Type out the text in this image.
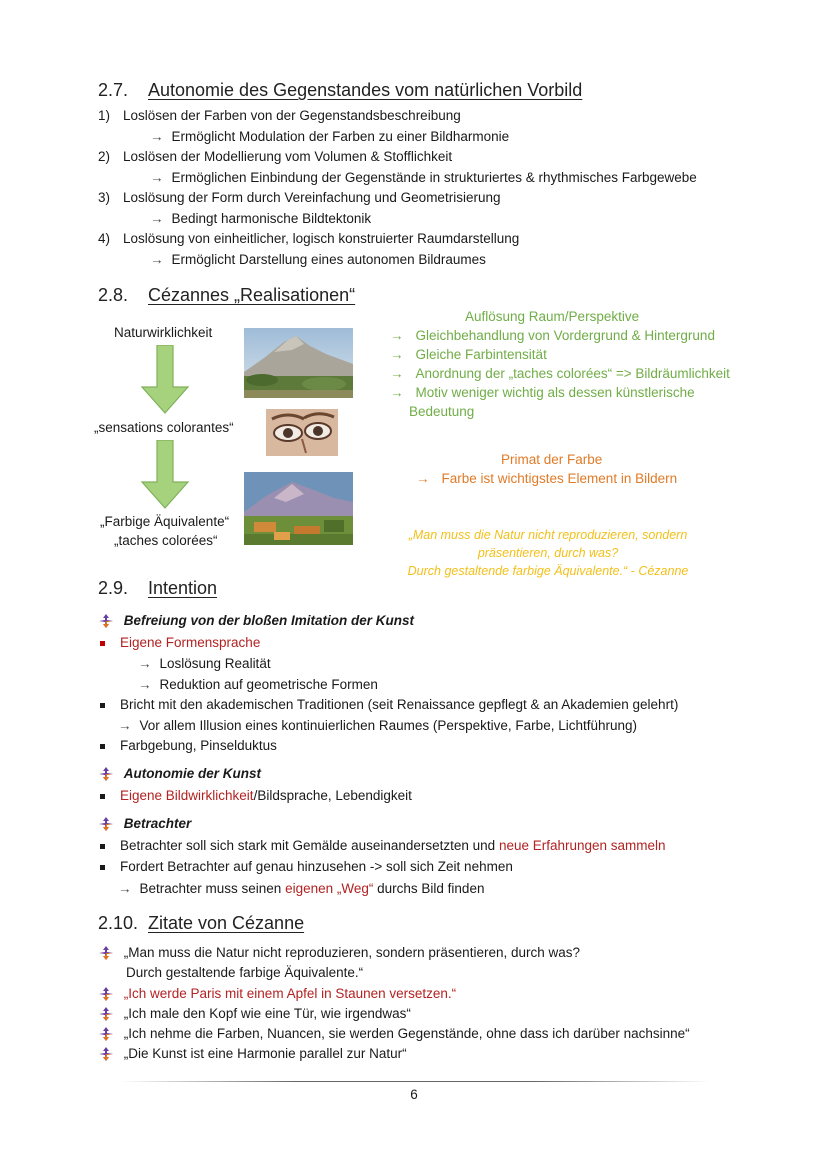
2.7. Autonomie des Gegenstandes vom natürlichen Vorbild
1) Loslösen der Farben von der Gegenstandsbeschreibung
→ Ermöglicht Modulation der Farben zu einer Bildharmonie
2) Loslösen der Modellierung vom Volumen & Stofflichkeit
→ Ermöglichen Einbindung der Gegenstände in strukturiertes & rhythmisches Farbgewebe
3) Loslösung der Form durch Vereinfachung und Geometrisierung
→ Bedingt harmonische Bildtektonik
4) Loslösung von einheitlicher, logisch konstruierter Raumdarstellung
→ Ermöglicht Darstellung eines autonomen Bildraumes
2.8. Cézannes „Realisationen“
Naturwirklichkeit
„sensations colorantes“
„Farbige Äquivalente“
„taches colorées“
Auflösung Raum/Perspektive
→ Gleichbehandlung von Vordergrund & Hintergrund
→ Gleiche Farbintensität
→ Anordnung der „taches colorées“ => Bildräumlichkeit
→ Motiv weniger wichtig als dessen künstlerische
Bedeutung
Primat der Farbe
→ Farbe ist wichtigstes Element in Bildern
„Man muss die Natur nicht reproduzieren, sondern
präsentieren, durch was?
Durch gestaltende farbige Äquivalente.“ - Cézanne
2.9. Intention
Befreiung von der bloßen Imitation der Kunst
Eigene Formensprache
→ Loslösung Realität
→ Reduktion auf geometrische Formen
Bricht mit den akademischen Traditionen (seit Renaissance gepflegt & an Akademien gelehrt)
→ Vor allem Illusion eines kontinuierlichen Raumes (Perspektive, Farbe, Lichtführung)
Farbgebung, Pinselduktus
Autonomie der Kunst
Eigene Bildwirklichkeit/Bildsprache, Lebendigkeit
Betrachter
Betrachter soll sich stark mit Gemälde auseinandersetzten und neue Erfahrungen sammeln
Fordert Betrachter auf genau hinzusehen -> soll sich Zeit nehmen
→ Betrachter muss seinen eigenen „Weg“ durchs Bild finden
2.10. Zitate von Cézanne
„Man muss die Natur nicht reproduzieren, sondern präsentieren, durch was?
Durch gestaltende farbige Äquivalente.“
„Ich werde Paris mit einem Apfel in Staunen versetzen.“
„Ich male den Kopf wie eine Tür, wie irgendwas“
„Ich nehme die Farben, Nuancen, sie werden Gegenstände, ohne dass ich darüber nachsinne“
„Die Kunst ist eine Harmonie parallel zur Natur“
6
